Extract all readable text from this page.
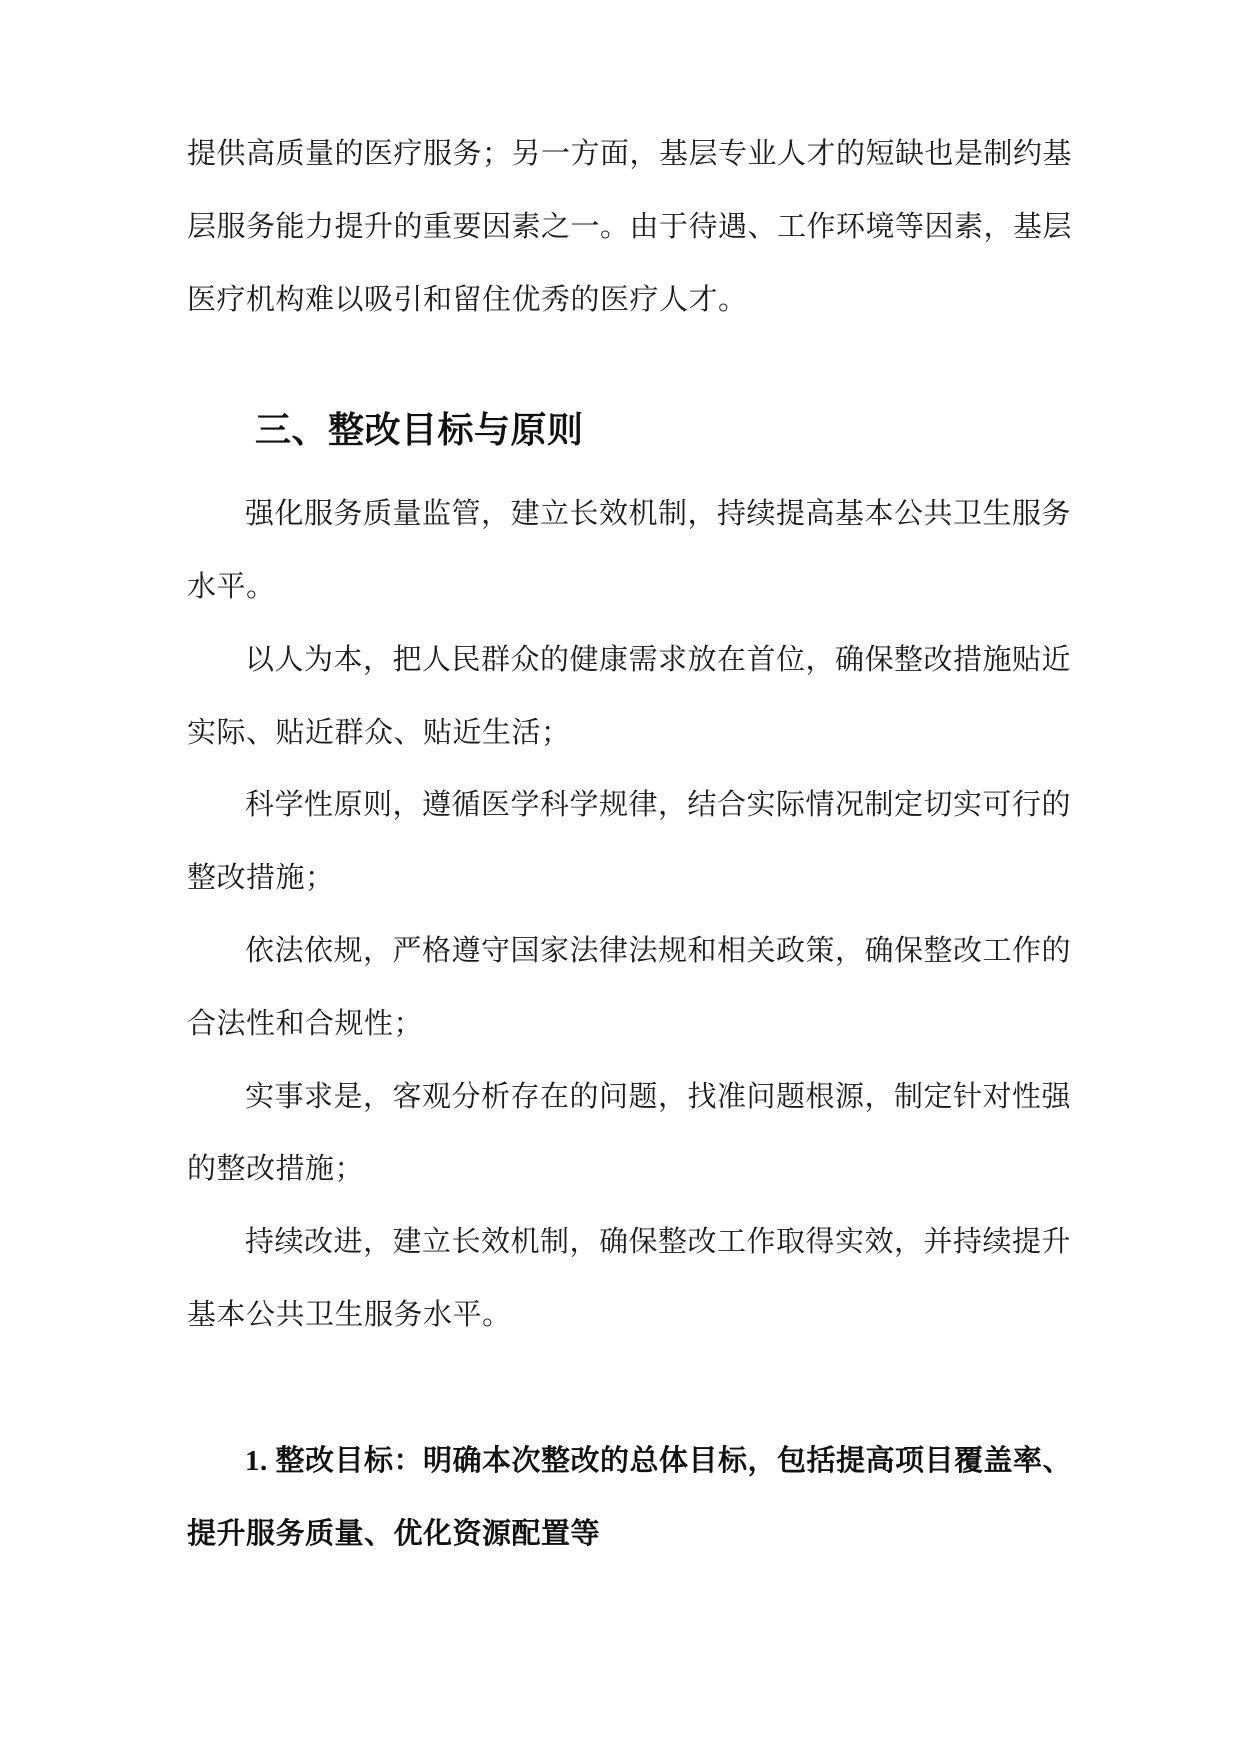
提供高质量的医疗服务；另一方面，基层专业人才的短缺也是制约基
层服务能力提升的重要因素之一。由于待遇、工作环境等因素，基层
医疗机构难以吸引和留住优秀的医疗人才。
三、整改目标与原则
强化服务质量监管，建立长效机制，持续提高基本公共卫生服务
水平。
以人为本，把人民群众的健康需求放在首位，确保整改措施贴近
实际、贴近群众、贴近生活；
科学性原则，遵循医学科学规律，结合实际情况制定切实可行的
整改措施；
依法依规，严格遵守国家法律法规和相关政策，确保整改工作的
合法性和合规性；
实事求是，客观分析存在的问题，找准问题根源，制定针对性强
的整改措施；
持续改进，建立长效机制，确保整改工作取得实效，并持续提升
基本公共卫生服务水平。
1. 整改目标：明确本次整改的总体目标，包括提高项目覆盖率、
提升服务质量、优化资源配置等
